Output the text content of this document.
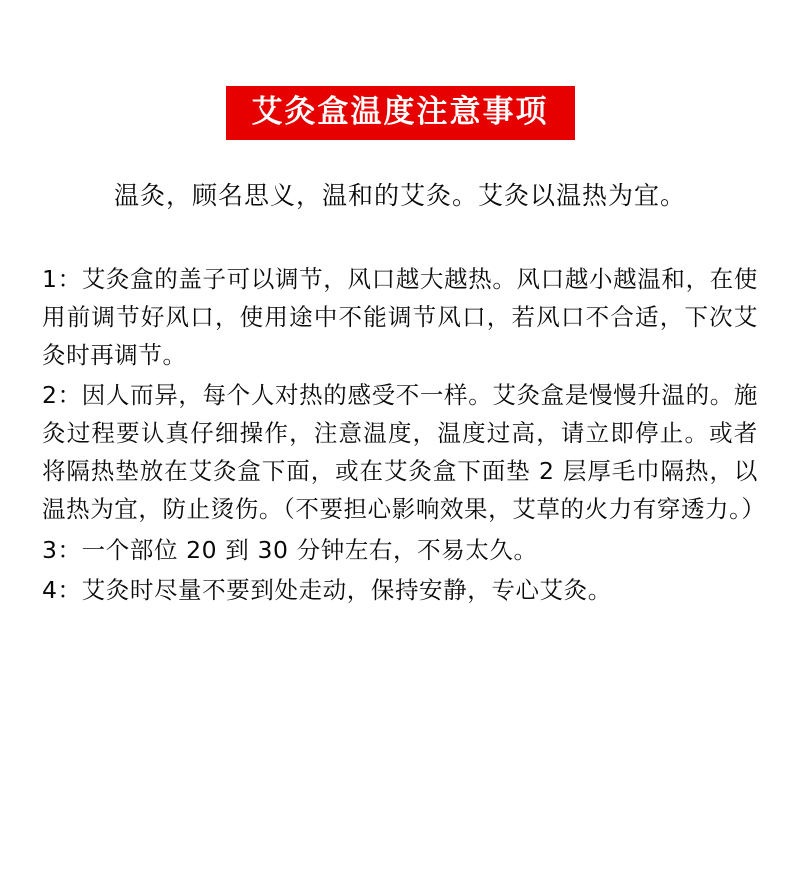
艾灸盒温度注意事项
温灸，顾名思义，温和的艾灸。艾灸以温热为宜。

1：艾灸盒的盖子可以调节，风口越大越热。风口越小越温和，在使用前调节好风口，使用途中不能调节风口，若风口不合适，下次艾灸时再调节。

2：因人而异，每个人对热的感受不一样。艾灸盒是慢慢升温的。施灸过程要认真仔细操作，注意温度，温度过高，请立即停止。或者将隔热垫放在艾灸盒下面，或在艾灸盒下面垫 2 层厚毛巾隔热，以温热为宜，防止烫伤。（不要担心影响效果，艾草的火力有穿透力。）

3：一个部位 20 到 30 分钟左右，不易太久。

4：艾灸时尽量不要到处走动，保持安静，专心艾灸。
